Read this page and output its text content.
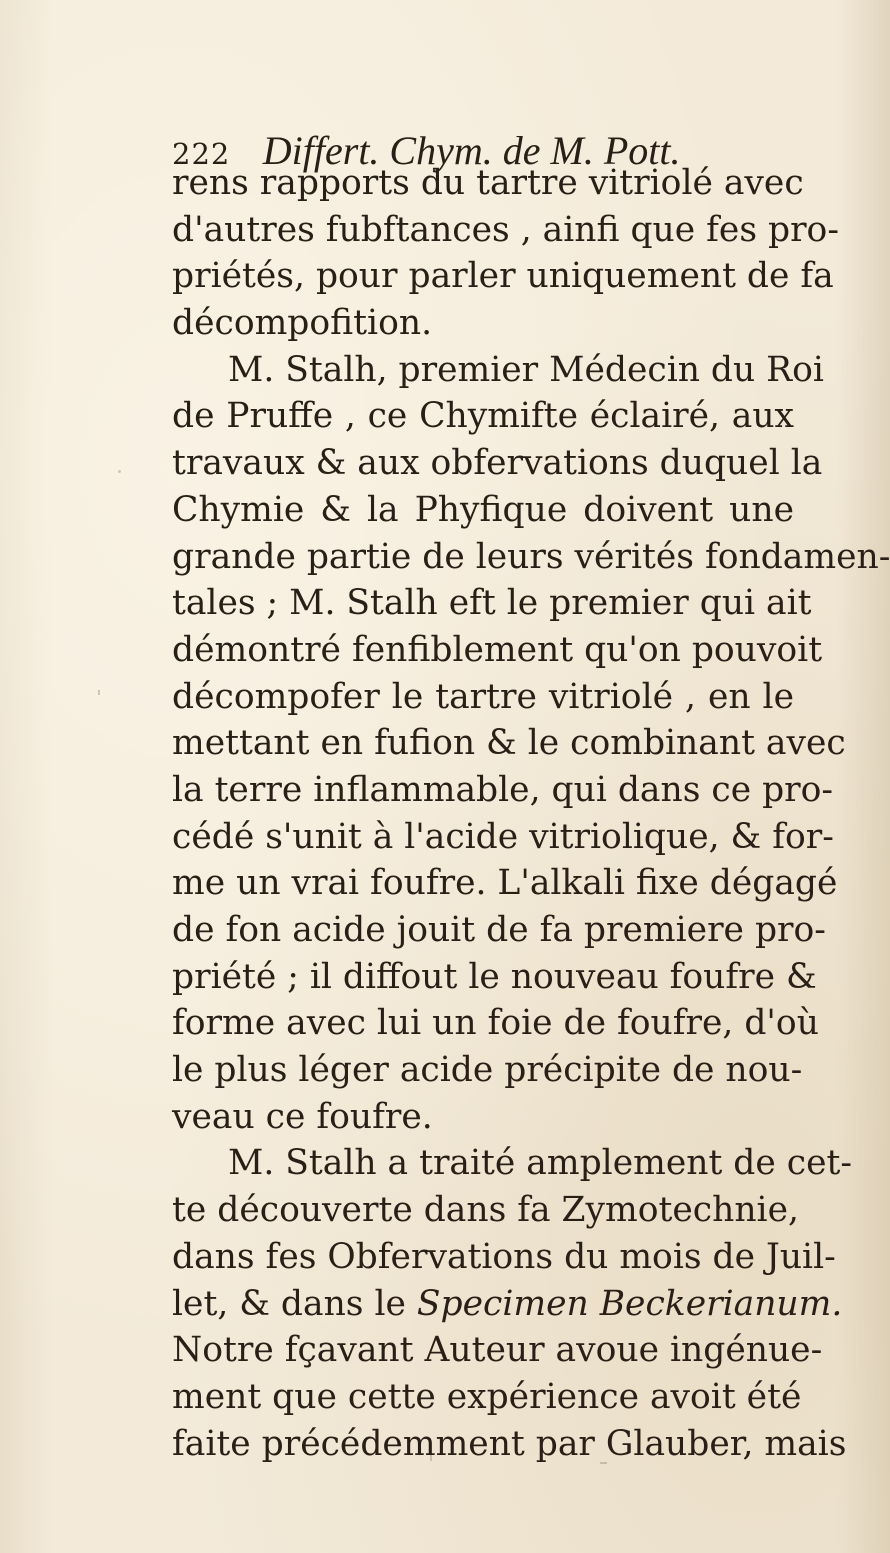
222 Differt. Chym. de M. Pott.
rens rapports du tartre vitriolé avec
d'autres fubftances , ainfi que fes pro-
priétés, pour parler uniquement de fa
décompofition.
M. Stalh, premier Médecin du Roi
de Pruffe , ce Chymifte éclairé, aux
travaux & aux obfervations duquel la
Chymie & la Phyfique doivent une
grande partie de leurs vérités fondamen-
tales ; M. Stalh eft le premier qui ait
démontré fenfiblement qu'on pouvoit
décompofer le tartre vitriolé , en le
mettant en fufion & le combinant avec
la terre inflammable, qui dans ce pro-
cédé s'unit à l'acide vitriolique, & for-
me un vrai foufre. L'alkali fixe dégagé
de fon acide jouit de fa premiere pro-
priété ; il diffout le nouveau foufre &
forme avec lui un foie de foufre, d'où
le plus léger acide précipite de nou-
veau ce foufre.
M. Stalh a traité amplement de cet-
te découverte dans fa Zymotechnie,
dans fes Obfervations du mois de Juil-
let, & dans le Specimen Beckerianum.
Notre fçavant Auteur avoue ingénue-
ment que cette expérience avoit été
faite précédemment par Glauber, mais
